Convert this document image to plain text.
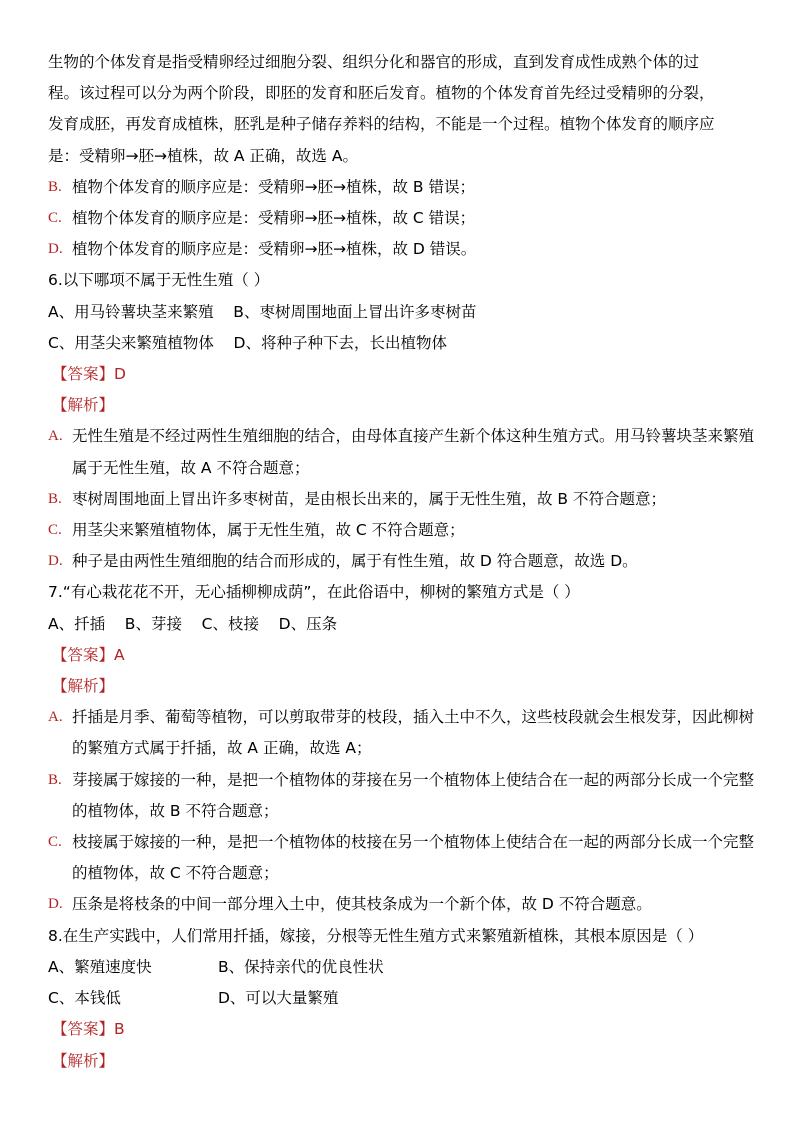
生物的个体发育是指受精卵经过细胞分裂、组织分化和器官的形成，直到发育成性成熟个体的过
程。该过程可以分为两个阶段，即胚的发育和胚后发育。植物的个体发育首先经过受精卵的分裂，
发育成胚，再发育成植株，胚乳是种子储存养料的结构，不能是一个过程。植物个体发育的顺序应
是：受精卵→胚→植株，故 A 正确，故选 A。
B. 植物个体发育的顺序应是：受精卵→胚→植株，故 B 错误；
C. 植物个体发育的顺序应是：受精卵→胚→植株，故 C 错误；
D. 植物个体发育的顺序应是：受精卵→胚→植株，故 D 错误。
6.以下哪项不属于无性生殖（ ）
A、用马铃薯块茎来繁殖    B、枣树周围地面上冒出许多枣树苗
C、用茎尖来繁殖植物体    D、将种子种下去，长出植物体
【答案】D
【解析】
A. 无性生殖是不经过两性生殖细胞的结合，由母体直接产生新个体这种生殖方式。用马铃薯块茎来繁殖属于无性生殖，故 A 不符合题意；
B. 枣树周围地面上冒出许多枣树苗，是由根长出来的，属于无性生殖，故 B 不符合题意；
C. 用茎尖来繁殖植物体，属于无性生殖，故 C 不符合题意；
D. 种子是由两性生殖细胞的结合而形成的，属于有性生殖，故 D 符合题意，故选 D。
7.“有心栽花花不开，无心插柳柳成荫”，在此俗语中，柳树的繁殖方式是（ ）
A、扦插    B、芽接    C、枝接    D、压条
【答案】A
【解析】
A. 扦插是月季、葡萄等植物，可以剪取带芽的枝段，插入土中不久，这些枝段就会生根发芽，因此柳树的繁殖方式属于扦插，故 A 正确，故选 A；
B. 芽接属于嫁接的一种，是把一个植物体的芽接在另一个植物体上使结合在一起的两部分长成一个完整的植物体，故 B 不符合题意；
C. 枝接属于嫁接的一种，是把一个植物体的枝接在另一个植物体上使结合在一起的两部分长成一个完整的植物体，故 C 不符合题意；
D. 压条是将枝条的中间一部分埋入土中，使其枝条成为一个新个体，故 D 不符合题意。
8.在生产实践中，人们常用扦插，嫁接，分根等无性生殖方式来繁殖新植株，其根本原因是（ ）
A、繁殖速度快	B、保持亲代的优良性状
C、本钱低	D、可以大量繁殖
【答案】B
【解析】
